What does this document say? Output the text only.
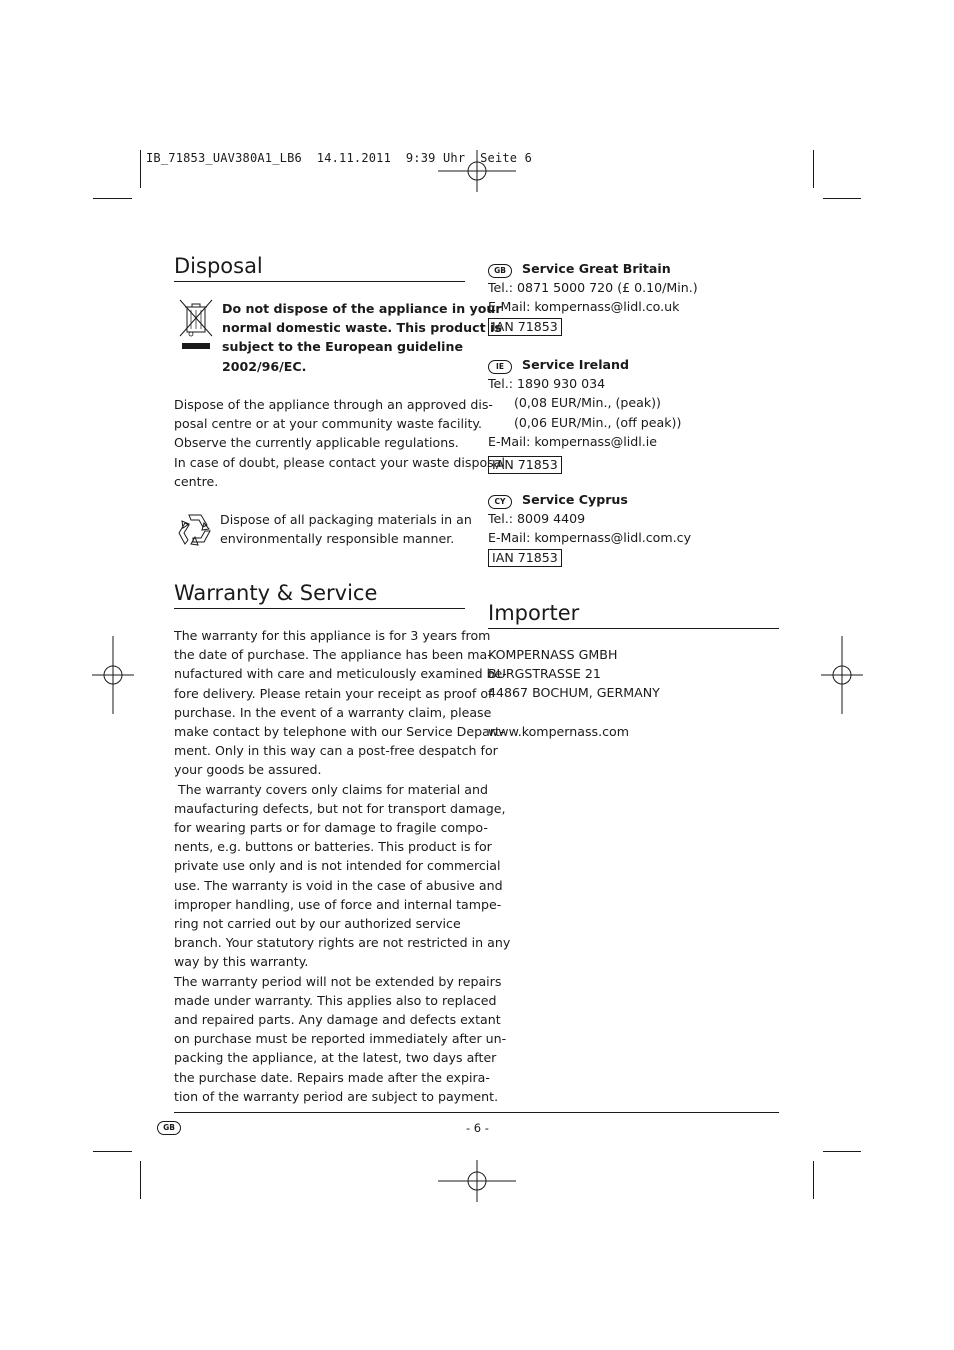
IB_71853_UAV380A1_LB6  14.11.2011  9:39 Uhr  Seite 6
Disposal
Do not dispose of the appliance in your
normal domestic waste. This product is
subject to the European guideline
2002/96/EC.
Dispose of the appliance through an approved dis-
posal centre or at your community waste facility.
Observe the currently applicable regulations.
In case of doubt, please contact your waste disposal
centre.
Dispose of all packaging materials in an
environmentally responsible manner.
Warranty & Service
The warranty for this appliance is for 3 years from
the date of purchase. The appliance has been ma-
nufactured with care and meticulously examined be-
fore delivery. Please retain your receipt as proof of
purchase. In the event of a warranty claim, please
make contact by telephone with our Service Depart-
ment. Only in this way can a post-free despatch for
your goods be assured.
The warranty covers only claims for material and
maufacturing defects, but not for transport damage,
for wearing parts or for damage to fragile compo-
nents, e.g. buttons or batteries. This product is for
private use only and is not intended for commercial
use. The warranty is void in the case of abusive and
improper handling, use of force and internal tampe-
ring not carried out by our authorized service
branch. Your statutory rights are not restricted in any
way by this warranty.
The warranty period will not be extended by repairs
made under warranty. This applies also to replaced
and repaired parts. Any damage and defects extant
on purchase must be reported immediately after un-
packing the appliance, at the latest, two days after
the purchase date. Repairs made after the expira-
tion of the warranty period are subject to payment.
GB Service Great Britain
Tel.: 0871 5000 720 (£ 0.10/Min.)
E-Mail: kompernass@lidl.co.uk
IAN 71853
IE Service Ireland
Tel.: 1890 930 034
(0,08 EUR/Min., (peak))
(0,06 EUR/Min., (off peak))
E-Mail: kompernass@lidl.ie
IAN 71853
CY Service Cyprus
Tel.: 8009 4409
E-Mail: kompernass@lidl.com.cy
IAN 71853
Importer
KOMPERNASS GMBH
BURGSTRASSE 21
44867 BOCHUM, GERMANY

www.kompernass.com
GB	- 6 -
